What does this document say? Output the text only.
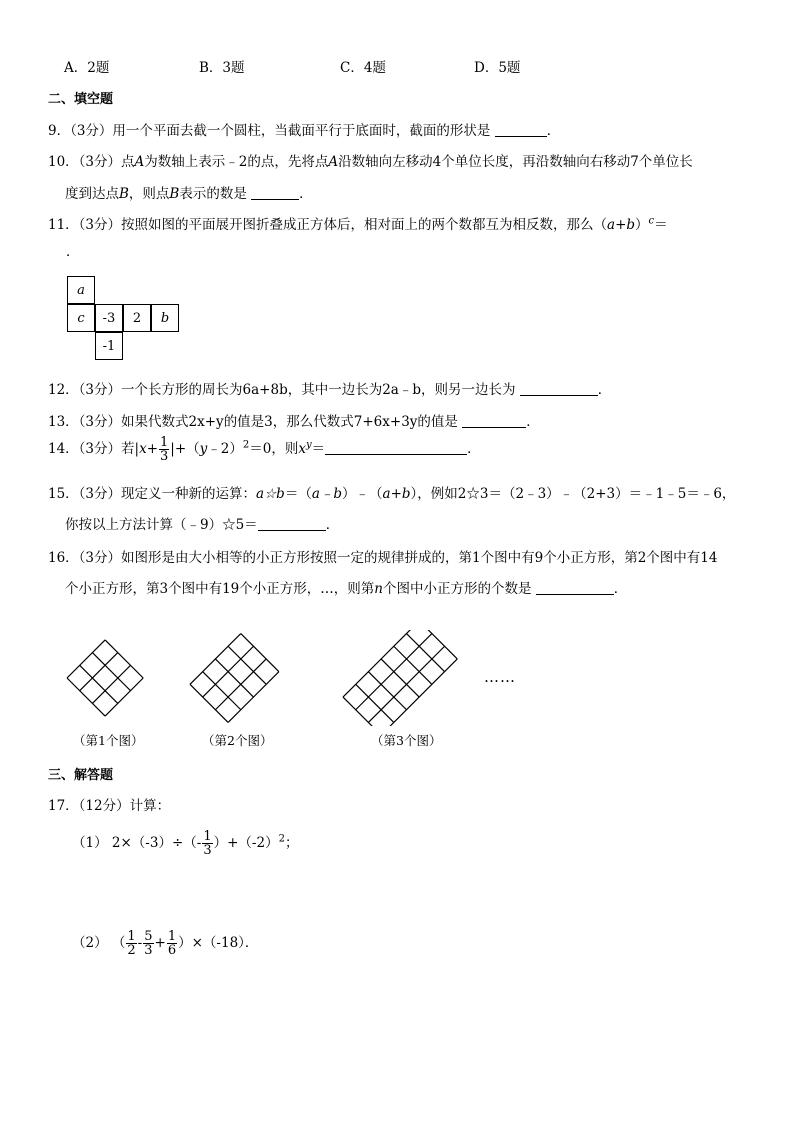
A．2题	B．3题	C．4题	D．5题
二、填空题
9．（3分）用一个平面去截一个圆柱，当截面平行于底面时，截面的形状是	．
10．（3分）点A为数轴上表示﹣2的点，先将点A沿数轴向左移动4个单位长度，再沿数轴向右移动7个单位长
度到达点B，则点B表示的数是	．
11．（3分）按照如图的平面展开图折叠成正方体后，相对面上的两个数都互为相反数，那么$(a+b)^c=$
．
a
c	-3	2	b
-1
12．（3分）一个长方形的周长为6a+8b，其中一边长为2a﹣b，则另一边长为	．
13．（3分）如果代数式2x+y的值是3，那么代数式7+6x+3y的值是	．
14．（3分）若$|x+ \frac{1}{3}$ |+（y﹣2）$^2$＝0，则$x^y=$	．
15．（3分）现定义一种新的运算：a☆b＝（a﹣b）﹣（a+b），例如2☆3＝（2﹣3）﹣（2+3）＝﹣1﹣5＝﹣6，
你按以上方法计算（﹣9）☆5＝	．
16．（3分）如图形是由大小相等的小正方形按照一定的规律拼成的，第1个图中有9个小正方形，第2个图中有14
个小正方形，第3个图中有19个小正方形，…，则第n个图中小正方形的个数是	．
……
（第1个图）	（第2个图）	（第3个图）
三、解答题
17．（12分）计算：
（1） $2\times(-3)\div(- \frac{1}{3} )+(-2)^2$；
（2） （ $\frac{1}{2} - \frac{5}{3} + \frac{1}{6} )\times(-18)$．
